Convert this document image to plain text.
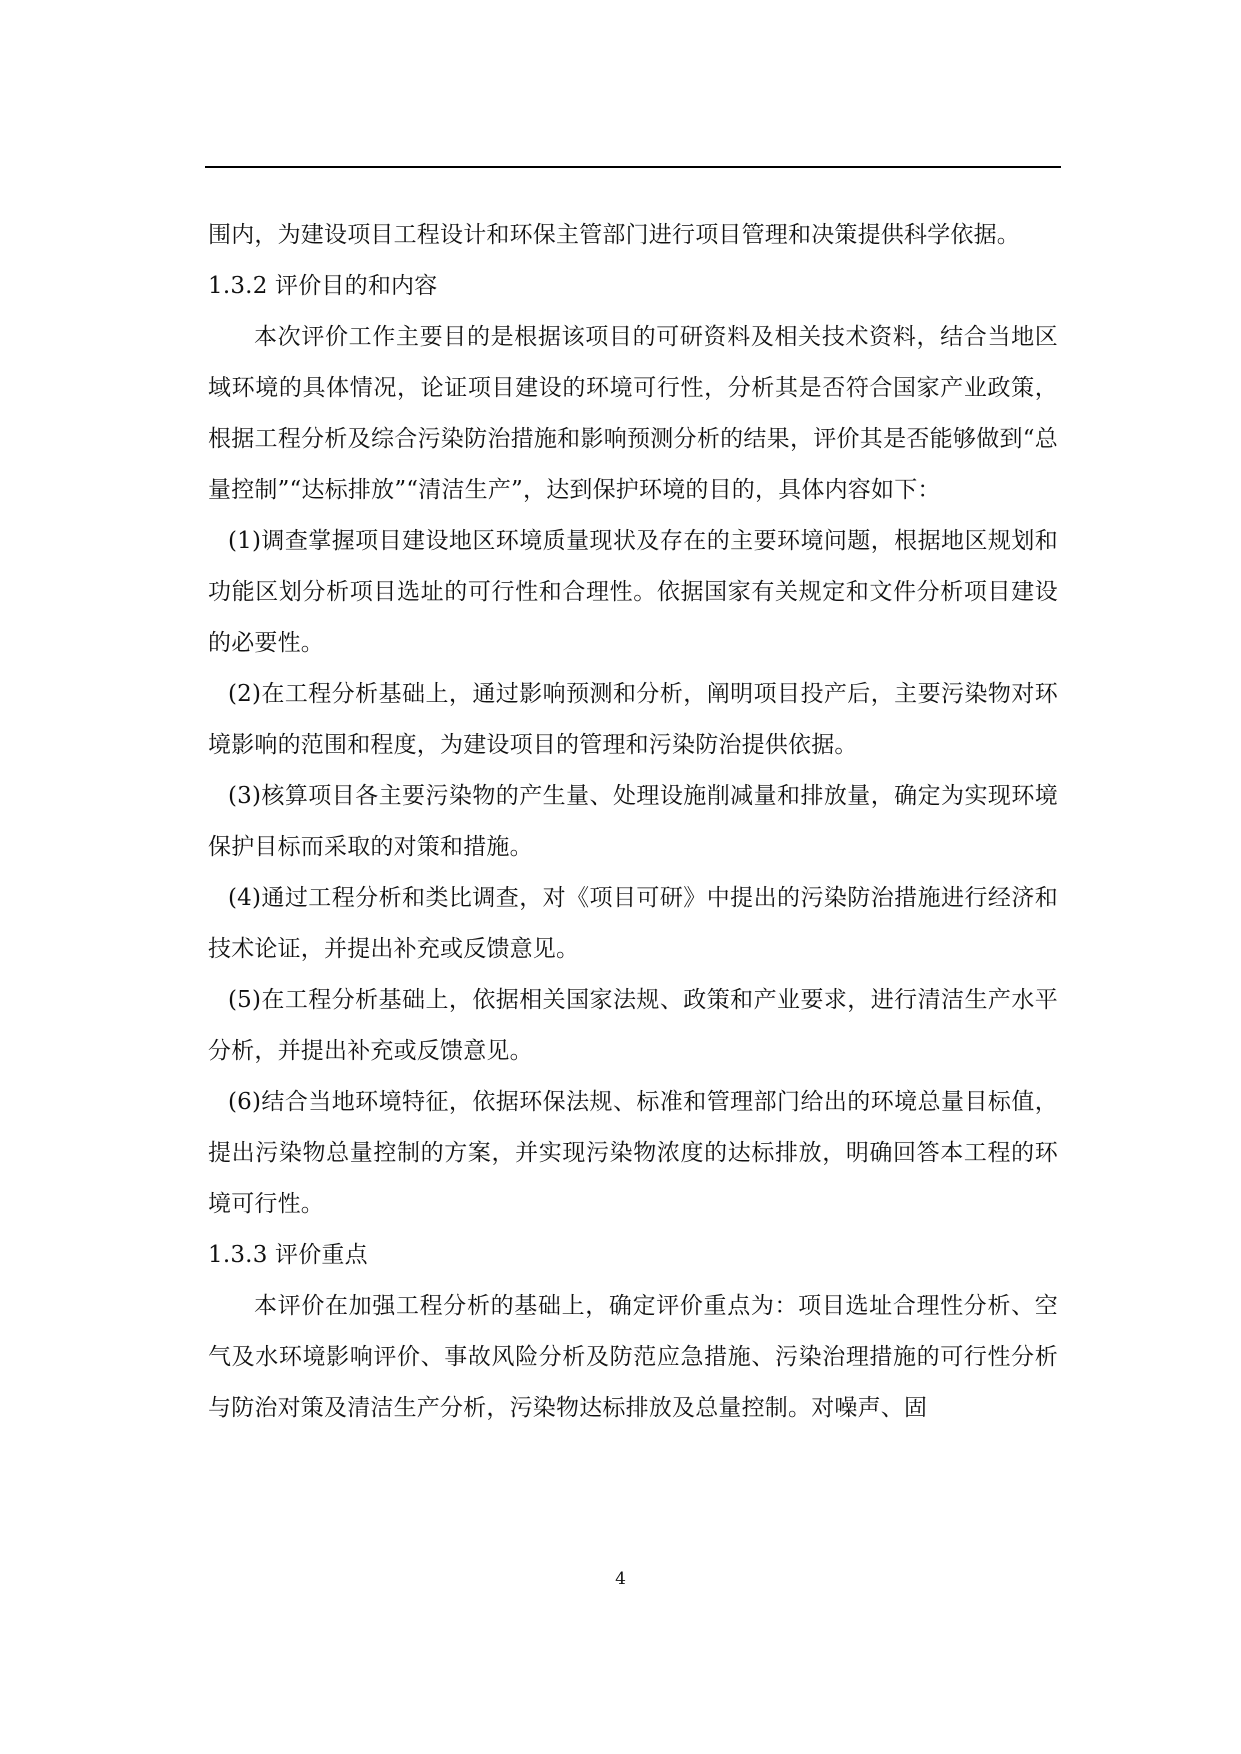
围内，为建设项目工程设计和环保主管部门进行项目管理和决策提供科学依据。

1.3.2 评价目的和内容

本次评价工作主要目的是根据该项目的可研资料及相关技术资料，结合当地区域环境的具体情况，论证项目建设的环境可行性，分析其是否符合国家产业政策，根据工程分析及综合污染防治措施和影响预测分析的结果，评价其是否能够做到“总量控制”“达标排放”“清洁生产”，达到保护环境的目的，具体内容如下：

(1)调查掌握项目建设地区环境质量现状及存在的主要环境问题，根据地区规划和功能区划分析项目选址的可行性和合理性。依据国家有关规定和文件分析项目建设的必要性。

(2)在工程分析基础上，通过影响预测和分析，阐明项目投产后，主要污染物对环境影响的范围和程度，为建设项目的管理和污染防治提供依据。

(3)核算项目各主要污染物的产生量、处理设施削减量和排放量，确定为实现环境保护目标而采取的对策和措施。

(4)通过工程分析和类比调查，对《项目可研》中提出的污染防治措施进行经济和技术论证，并提出补充或反馈意见。

(5)在工程分析基础上，依据相关国家法规、政策和产业要求，进行清洁生产水平分析，并提出补充或反馈意见。

(6)结合当地环境特征，依据环保法规、标准和管理部门给出的环境总量目标值，提出污染物总量控制的方案，并实现污染物浓度的达标排放，明确回答本工程的环境可行性。

1.3.3 评价重点

本评价在加强工程分析的基础上，确定评价重点为：项目选址合理性分析、空气及水环境影响评价、事故风险分析及防范应急措施、污染治理措施的可行性分析与防治对策及清洁生产分析，污染物达标排放及总量控制。对噪声、固

4
